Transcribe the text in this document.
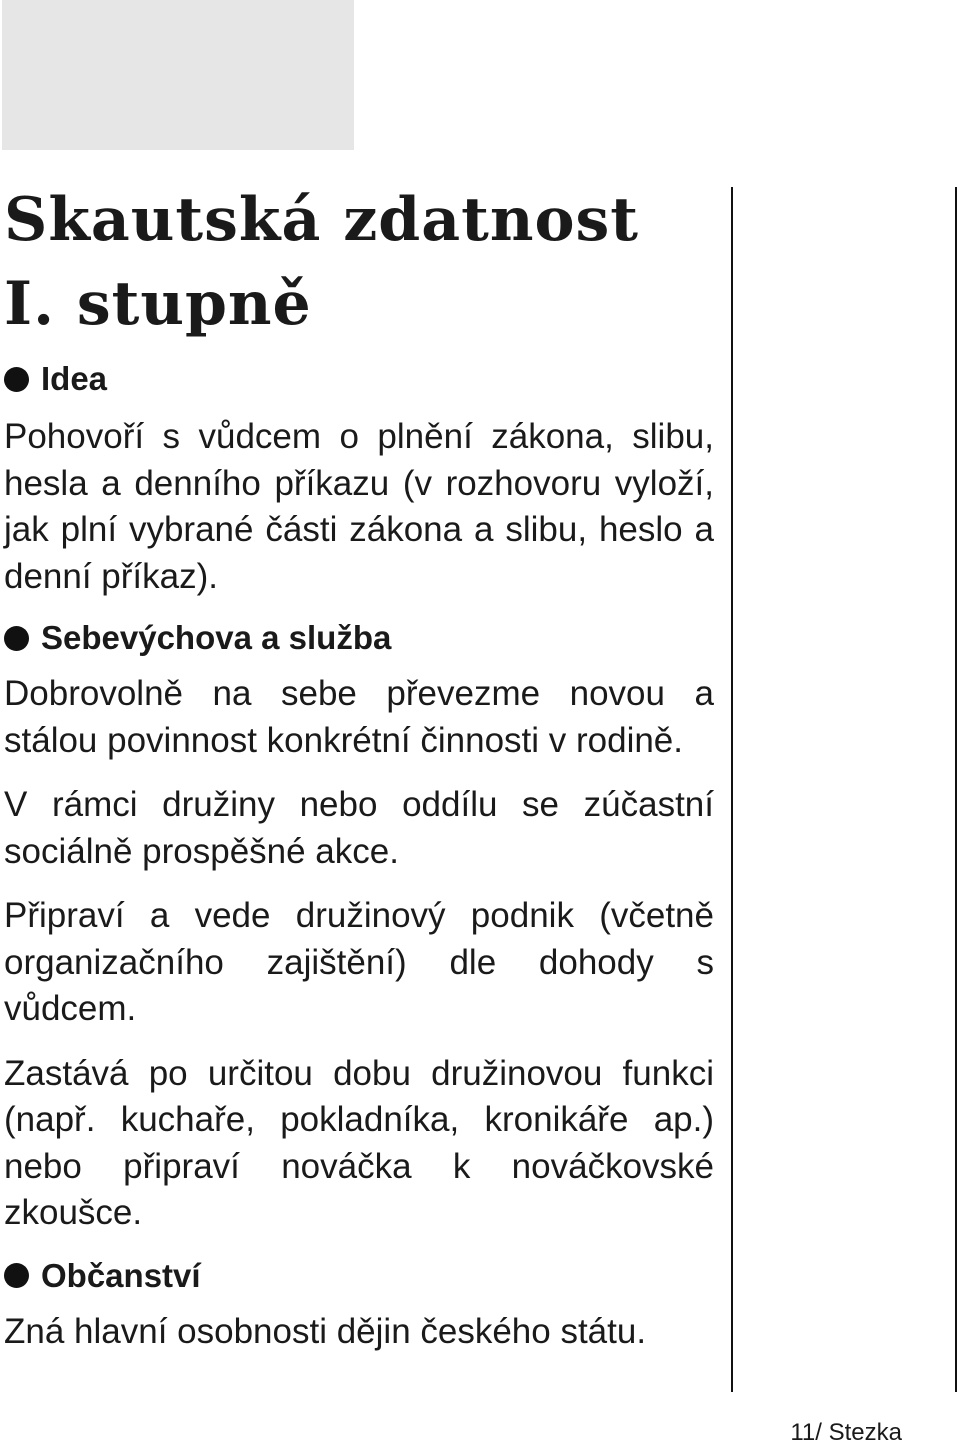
Skautská zdatnost
I. stupně
Idea

Pohovoří s vůdcem o plnění zákona, slibu, hesla a denního příkazu (v rozhovoru vyloží, jak plní vybrané části zákona a slibu, heslo a denní příkaz).

Sebevýchova a služba

Dobrovolně na sebe převezme novou a stálou povinnost konkrétní činnosti v rodině.

V rámci družiny nebo oddílu se zúčastní sociálně prospěšné akce.

Připraví a vede družinový podnik (včetně organizačního zajištění) dle dohody s vůdcem.

Zastává po určitou dobu družinovou funkci (např. kuchaře, pokladníka, kronikáře ap.) nebo připraví nováčka k nováčkovské zkoušce.

Občanství

Zná hlavní osobnosti dějin českého státu.

11/ Stezka
